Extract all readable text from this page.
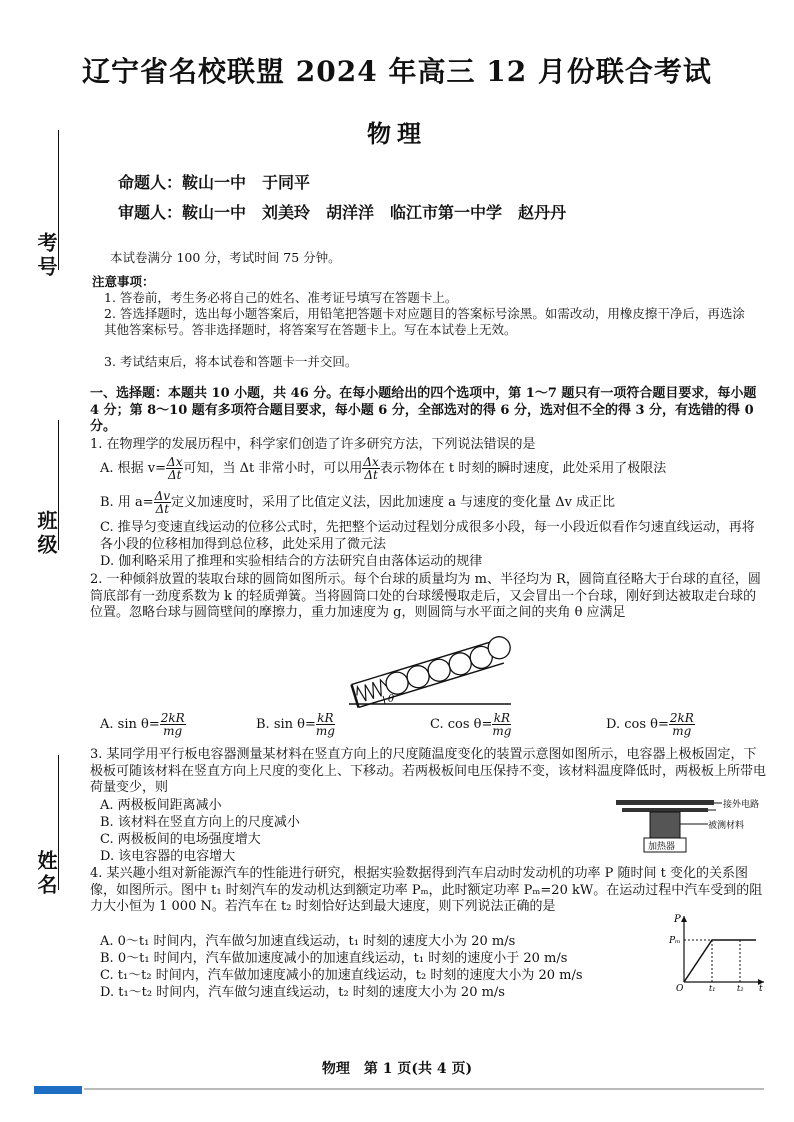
辽宁省名校联盟 2024 年高三 12 月份联合考试
物理
命题人：鞍山一中　于同平
审题人：鞍山一中　刘美玲　胡洋洋　临江市第一中学　赵丹丹
考号
班级
姓名
本试卷满分 100 分，考试时间 75 分钟。
注意事项：
1. 答卷前，考生务必将自己的姓名、准考证号填写在答题卡上。
2. 答选择题时，选出每小题答案后，用铅笔把答题卡对应题目的答案标号涂黑。如需改动，用橡皮擦干净后，再选涂其他答案标号。答非选择题时，将答案写在答题卡上。写在本试卷上无效。
3. 考试结束后，将本试卷和答题卡一并交回。
一、选择题：本题共 10 小题，共 46 分。在每小题给出的四个选项中，第 1～7 题只有一项符合题目要求，每小题 4 分；第 8～10 题有多项符合题目要求，每小题 6 分，全部选对的得 6 分，选对但不全的得 3 分，有选错的得 0 分。
1. 在物理学的发展历程中，科学家们创造了许多研究方法，下列说法错误的是
A. 根据 $v= \frac{\Delta x}{\Delta t}$ 可知，当 Δt 非常小时，可以用 $\frac{\Delta x}{\Delta t}$ 表示物体在 t 时刻的瞬时速度，此处采用了极限法
B. 用 $a= \frac{\Delta v}{\Delta t}$ 定义加速度时，采用了比值定义法，因此加速度 a 与速度的变化量 Δv 成正比
C. 推导匀变速直线运动的位移公式时，先把整个运动过程划分成很多小段，每一小段近似看作匀速直线运动，再将各小段的位移相加得到总位移，此处采用了微元法
D. 伽利略采用了推理和实验相结合的方法研究自由落体运动的规律
2. 一种倾斜放置的装取台球的圆筒如图所示。每个台球的质量均为 m、半径均为 R，圆筒直径略大于台球的直径，圆筒底部有一劲度系数为 k 的轻质弹簧。当将圆筒口处的台球缓慢取走后，又会冒出一个台球，刚好到达被取走台球的位置。忽略台球与圆筒壁间的摩擦力，重力加速度为 g，则圆筒与水平面之间的夹角 θ 应满足
θ
A. $\sin \theta= \frac{2kR}{mg}$	B. $\sin \theta= \frac{kR}{mg}$	C. $\cos \theta= \frac{kR}{mg}$	D. $\cos \theta= \frac{2kR}{mg}$
3. 某同学用平行板电容器测量某材料在竖直方向上的尺度随温度变化的装置示意图如图所示，电容器上极板固定，下极板可随该材料在竖直方向上尺度的变化上、下移动。若两极板间电压保持不变，该材料温度降低时，两极板上所带电荷量变少，则
A. 两极板间距离减小
B. 该材料在竖直方向上的尺度减小
C. 两极板间的电场强度增大
D. 该电容器的电容增大
接外电路
被测材料
加热器
4. 某兴趣小组对新能源汽车的性能进行研究，根据实验数据得到汽车启动时发动机的功率 P 随时间 t 变化的关系图像，如图所示。图中 t₁ 时刻汽车的发动机达到额定功率 Pₘ，此时额定功率 Pₘ=20 kW。在运动过程中汽车受到的阻力大小恒为 1 000 N。若汽车在 t₂ 时刻恰好达到最大速度，则下列说法正确的是
A. 0～t₁ 时间内，汽车做匀加速直线运动，t₁ 时刻的速度大小为 20 m/s
B. 0～t₁ 时间内，汽车做加速度减小的加速直线运动，t₁ 时刻的速度小于 20 m/s
C. t₁～t₂ 时间内，汽车做加速度减小的加速直线运动，t₂ 时刻的速度大小为 20 m/s
D. t₁～t₂ 时间内，汽车做匀速直线运动，t₂ 时刻的速度大小为 20 m/s
P
Pₘ
O	t₁	t₂ t
物理　第 1 页(共 4 页)
